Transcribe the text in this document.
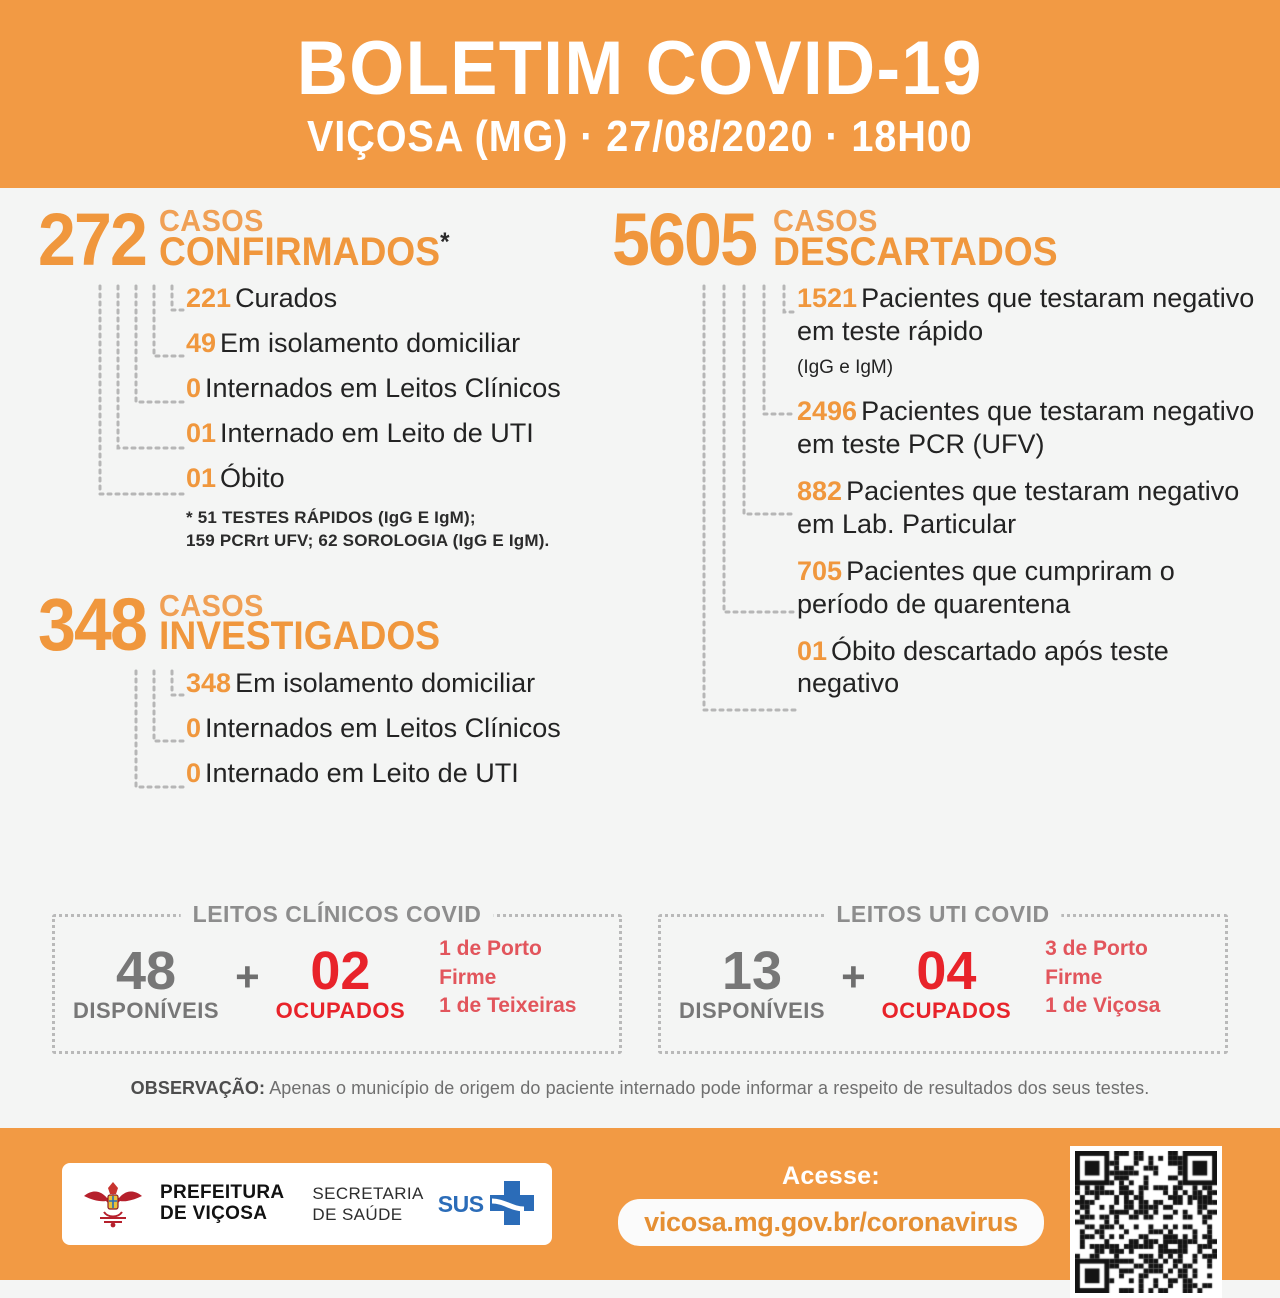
BOLETIM COVID-19
VIÇOSA (MG) · 27/08/2020 · 18H00
272 CASOS
CONFIRMADOS*
221 Curados
49 Em isolamento domiciliar
0 Internados em Leitos Clínicos
01 Internado em Leito de UTI
01 Óbito
* 51 TESTES RÁPIDOS (IgG E IgM);
159 PCRrt UFV; 62 SOROLOGIA (IgG E IgM).
348 CASOS
INVESTIGADOS
348 Em isolamento domiciliar
0 Internados em Leitos Clínicos
0 Internado em Leito de UTI
5605 CASOS
DESCARTADOS
1521 Pacientes que testaram negativo em teste rápido
(IgG e IgM)
2496 Pacientes que testaram negativo em teste PCR (UFV)
882 Pacientes que testaram negativo em Lab. Particular
705 Pacientes que cumpriram o período de quarentena
01 Óbito descartado após teste negativo
LEITOS CLÍNICOS COVID
48
DISPONÍVEIS
+ 02
OCUPADOS
1 de Porto Firme
1 de Teixeiras
LEITOS UTI COVID
13
DISPONÍVEIS
+ 04
OCUPADOS
3 de Porto Firme
1 de Viçosa
OBSERVAÇÃO: Apenas o município de origem do paciente internado pode informar a respeito de resultados dos seus testes.
PREFEITURA
DE VIÇOSA
SECRETARIA
DE SAÚDE	SUS
Acesse:
vicosa.mg.gov.br/coronavirus
